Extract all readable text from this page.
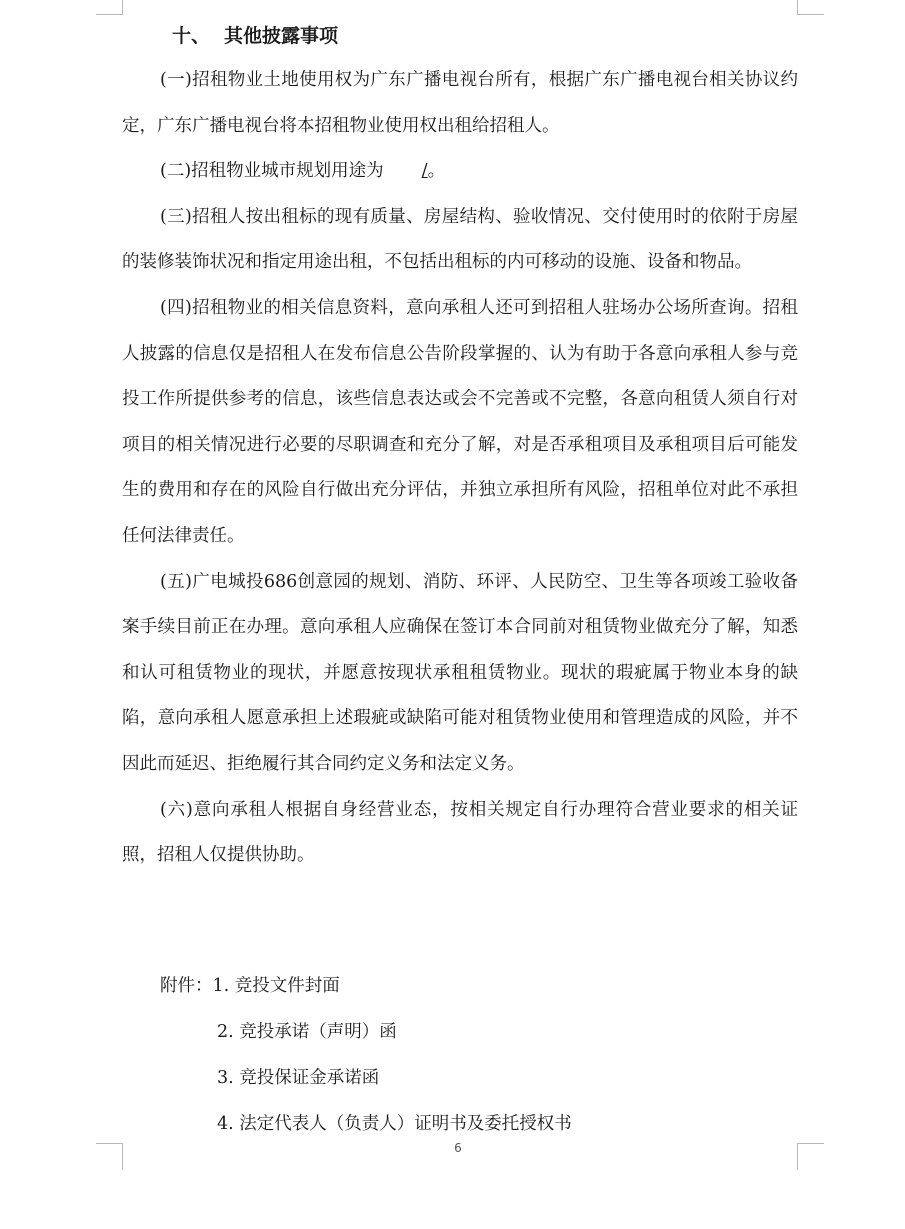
十、 其他披露事项

(一)招租物业土地使用权为广东广播电视台所有，根据广东广播电视台相关协议约定，广东广播电视台将本招租物业使用权出租给招租人。

(二)招租物业城市规划用途为 /。

(三)招租人按出租标的现有质量、房屋结构、验收情况、交付使用时的依附于房屋的装修装饰状况和指定用途出租，不包括出租标的内可移动的设施、设备和物品。

(四)招租物业的相关信息资料，意向承租人还可到招租人驻场办公场所查询。招租人披露的信息仅是招租人在发布信息公告阶段掌握的、认为有助于各意向承租人参与竞投工作所提供参考的信息，该些信息表达或会不完善或不完整，各意向租赁人须自行对项目的相关情况进行必要的尽职调查和充分了解，对是否承租项目及承租项目后可能发生的费用和存在的风险自行做出充分评估，并独立承担所有风险，招租单位对此不承担任何法律责任。

(五)广电城投686创意园的规划、消防、环评、人民防空、卫生等各项竣工验收备案手续目前正在办理。意向承租人应确保在签订本合同前对租赁物业做充分了解，知悉和认可租赁物业的现状，并愿意按现状承租租赁物业。现状的瑕疵属于物业本身的缺陷，意向承租人愿意承担上述瑕疵或缺陷可能对租赁物业使用和管理造成的风险，并不因此而延迟、拒绝履行其合同约定义务和法定义务。

(六)意向承租人根据自身经营业态，按相关规定自行办理符合营业要求的相关证照，招租人仅提供协助。

附件：1. 竞投文件封面
2. 竞投承诺（声明）函
3. 竞投保证金承诺函
4. 法定代表人（负责人）证明书及委托授权书
6
